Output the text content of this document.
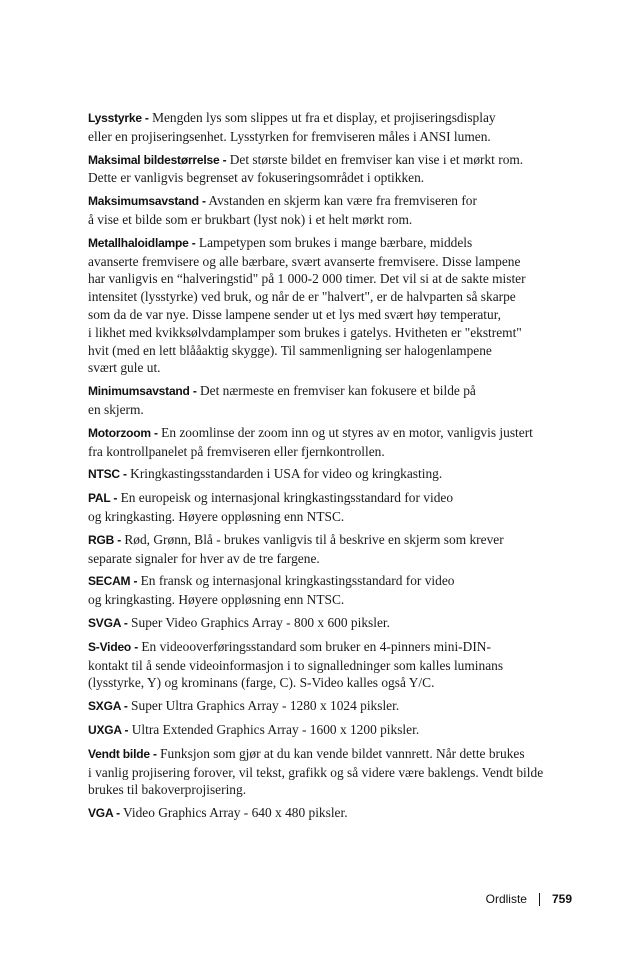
Lysstyrke - Mengden lys som slippes ut fra et display, et projiseringsdisplay
eller en projiseringsenhet. Lysstyrken for fremviseren måles i ANSI lumen.

Maksimal bildestørrelse - Det største bildet en fremviser kan vise i et mørkt rom.
Dette er vanligvis begrenset av fokuseringsområdet i optikken.

Maksimumsavstand - Avstanden en skjerm kan være fra fremviseren for
å vise et bilde som er brukbart (lyst nok) i et helt mørkt rom.

Metallhaloidlampe - Lampetypen som brukes i mange bærbare, middels
avanserte fremvisere og alle bærbare, svært avanserte fremvisere. Disse lampene
har vanligvis en “halveringstid" på 1 000-2 000 timer. Det vil si at de sakte mister
intensitet (lysstyrke) ved bruk, og når de er "halvert", er de halvparten så skarpe
som da de var nye. Disse lampene sender ut et lys med svært høy temperatur,
i likhet med kvikksølvdamplamper som brukes i gatelys. Hvitheten er "ekstremt"
hvit (med en lett blååaktig skygge). Til sammenligning ser halogenlampene
svært gule ut.

Minimumsavstand - Det nærmeste en fremviser kan fokusere et bilde på
en skjerm.

Motorzoom - En zoomlinse der zoom inn og ut styres av en motor, vanligvis justert
fra kontrollpanelet på fremviseren eller fjernkontrollen.

NTSC - Kringkastingsstandarden i USA for video og kringkasting.

PAL - En europeisk og internasjonal kringkastingsstandard for video
og kringkasting. Høyere oppløsning enn NTSC.

RGB - Rød, Grønn, Blå - brukes vanligvis til å beskrive en skjerm som krever
separate signaler for hver av de tre fargene.

SECAM - En fransk og internasjonal kringkastingsstandard for video
og kringkasting. Høyere oppløsning enn NTSC.

SVGA - Super Video Graphics Array - 800 x 600 piksler.

S-Video - En videooverføringsstandard som bruker en 4-pinners mini-DIN-
kontakt til å sende videoinformasjon i to signalledninger som kalles luminans
(lysstyrke, Y) og krominans (farge, C). S-Video kalles også Y/C.

SXGA - Super Ultra Graphics Array - 1280 x 1024 piksler.

UXGA - Ultra Extended Graphics Array - 1600 x 1200 piksler.

Vendt bilde - Funksjon som gjør at du kan vende bildet vannrett. Når dette brukes
i vanlig projisering forover, vil tekst, grafikk og så videre være baklengs. Vendt bilde
brukes til bakoverprojisering.

VGA - Video Graphics Array - 640 x 480 piksler.

Ordliste 759
